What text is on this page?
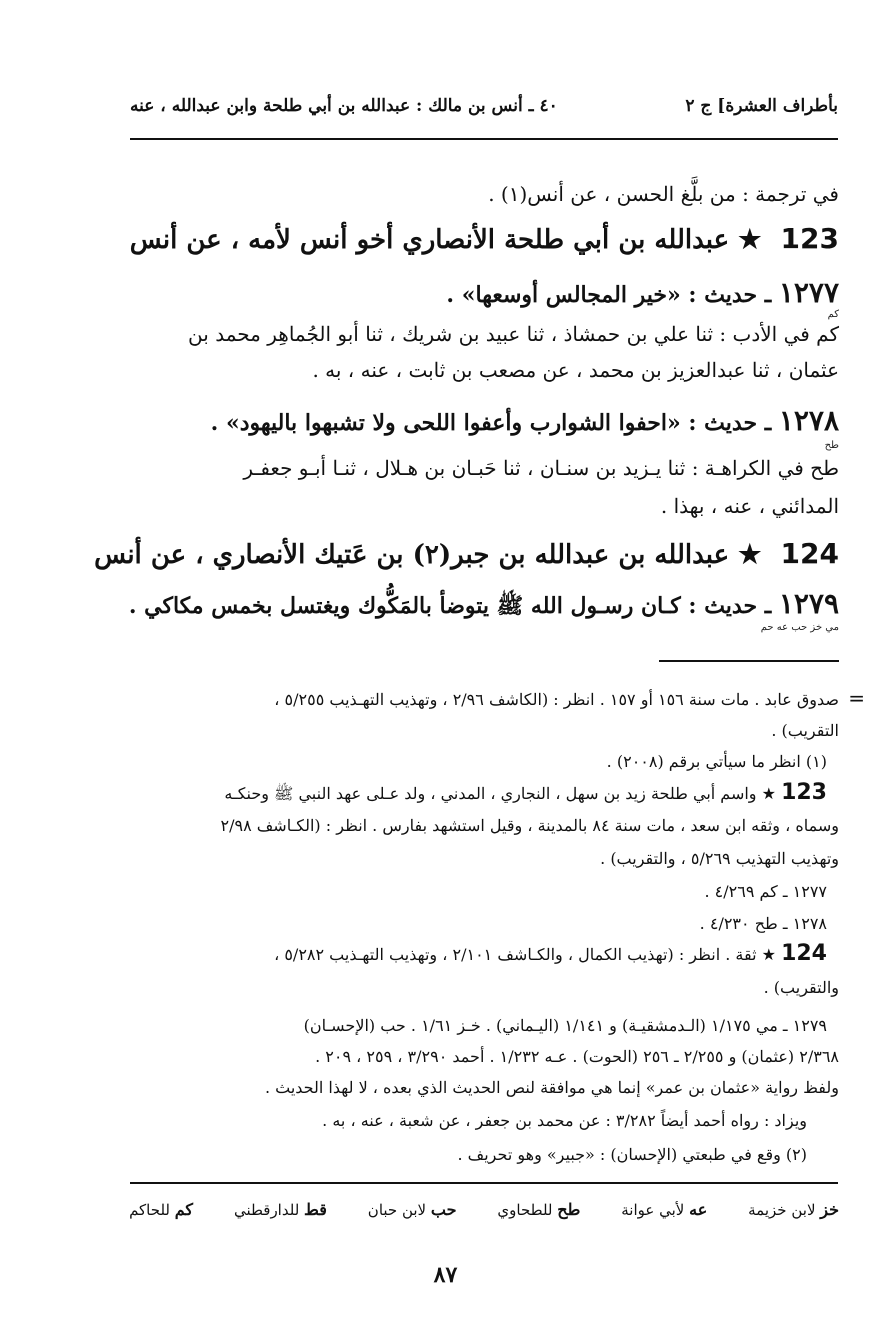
بأطراف العشرة] ج ٢
٤٠ ـ أنس بن مالك : عبدالله بن أبي طلحة وابن عبدالله ، عنه
في ترجمة : من بلَّغ الحسن ، عن أنس(١) .
123 ★ عبدالله بن أبي طلحة الأنصاري أخو أنس لأمه ، عن أنس
١٢٧٧ ـ حديث : «خير المجالس أوسعها» .
كم
كم في الأدب : ثنا علي بن حمشاذ ، ثنا عبيد بن شريك ، ثنا أبو الجُماهِر محمد بن
عثمان ، ثنا عبدالعزيز بن محمد ، عن مصعب بن ثابت ، عنه ، به .
١٢٧٨ ـ حديث : «احفوا الشوارب وأعفوا اللحى ولا تشبهوا باليهود» .
طح
طح في الكراهـة : ثنا يـزيد بن سنـان ، ثنا حَبـان بن هـلال ، ثنـا أبـو جعفـر
المدائني ، عنه ، بهذا .
124 ★ عبدالله بن عبدالله بن جبر(٢) بن عَتيك الأنصاري ، عن أنس
١٢٧٩ ـ حديث : كـان رسـول الله ﷺ يتوضأ بالمَكُّوك ويغتسل بخمس مكاكي .
مي خز حب عه حم
=
صدوق عابد . مات سنة ١٥٦ أو ١٥٧ . انظر : (الكاشف ٢/٩٦ ، وتهذيب التهـذيب ٥/٢٥٥ ،
التقريب) .
(١) انظر ما سيأتي برقم (٢٠٠٨) .
123 ★ واسم أبي طلحة زيد بن سهل ، النجاري ، المدني ، ولد عـلى عهد النبي ﷺ وحنكـه
وسماه ، وثقه ابن سعد ، مات سنة ٨٤ بالمدينة ، وقيل استشهد بفارس . انظر : (الكـاشف ٢/٩٨
وتهذيب التهذيب ٥/٢٦٩ ، والتقريب) .
١٢٧٧ ـ كم ٤/٢٦٩ .
١٢٧٨ ـ طح ٤/٢٣٠ .
124 ★ ثقة . انظر : (تهذيب الكمال ، والكـاشف ٢/١٠١ ، وتهذيب التهـذيب ٥/٢٨٢ ،
والتقريب) .
١٢٧٩ ـ مي ١/١٧٥ (الـدمشقيـة) و ١/١٤١ (اليـماني) . خـز ١/٦١ . حب (الإحسـان)
٢/٣٦٨ (عثمان) و ٢/٢٥٥ ـ ٢٥٦ (الحوت) . عـه ١/٢٣٢ . أحمد ٣/٢٩٠ ، ٢٥٩ ، ٢٠٩ .
ولفظ رواية «عثمان بن عمر» إنما هي موافقة لنص الحديث الذي بعده ، لا لهذا الحديث .
ويزاد : رواه أحمد أيضاً ٣/٢٨٢ : عن محمد بن جعفر ، عن شعبة ، عنه ، به .
(٢) وقع في طبعتي (الإحسان) : «جبير» وهو تحريف .
خز لابن خزيمة
عه لأبي عوانة
طح للطحاوي
حب لابن حبان
قط للدارقطني
كم للحاكم
٨٧
